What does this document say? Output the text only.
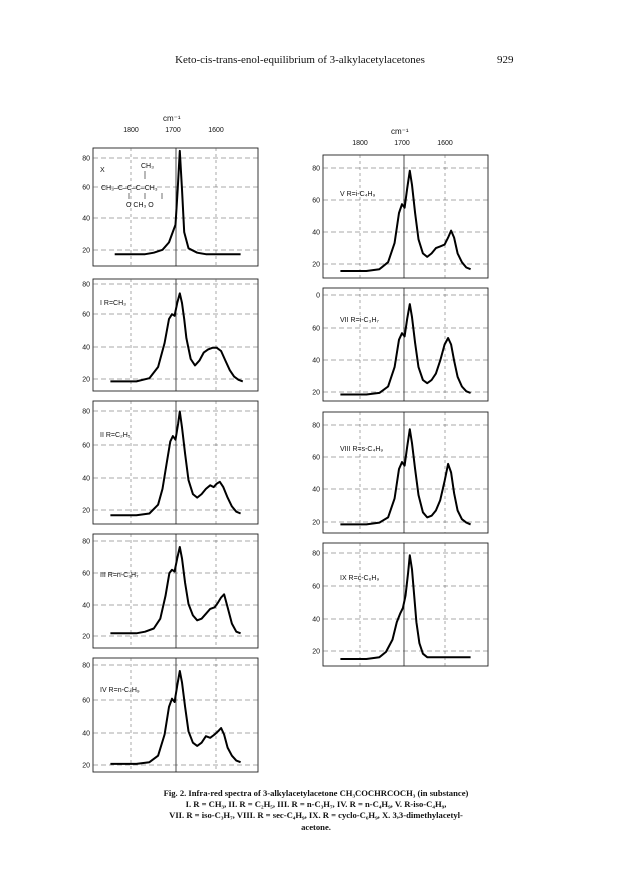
Keto-cis-trans-enol-equilibrium of 3-alkylacetylacetones	929
cm⁻¹
1800	1700	1600	cm⁻¹
1800	1700	1600
80
60
40
20
X
80
60
40
20
I R=CH₃
80
60
40
20
II R=C₂H₅
80
60
40
20
III R=n-C₃H₇
80
60
40
20
IV R=n-C₄H₉
80
60
40
20
V R=i-C₄H₉
0
60
40
20
VII R=i-C₃H₇
80
60
40
20
VIII R=s-C₄H₉
80
60
40
20
IX R=c-C₆H₉
CH₃
CH₃–C–C–C–CH₃
O CH₃ O
Fig. 2. Infra-red spectra of 3-alkylacetylacetone CH₃COCHRCOCH₃ (in substance)
I. R = CH₃, II. R = C₂H₅, III. R = n-C₃H₇, IV. R = n-C₄H₉, V. R-iso-C₄H₉,
VII. R = iso-C₃H₇, VIII. R = sec-C₄H₉, IX. R = cyclo-C₆H₉, X. 3,3-dimethylacetyl-
acetone.
